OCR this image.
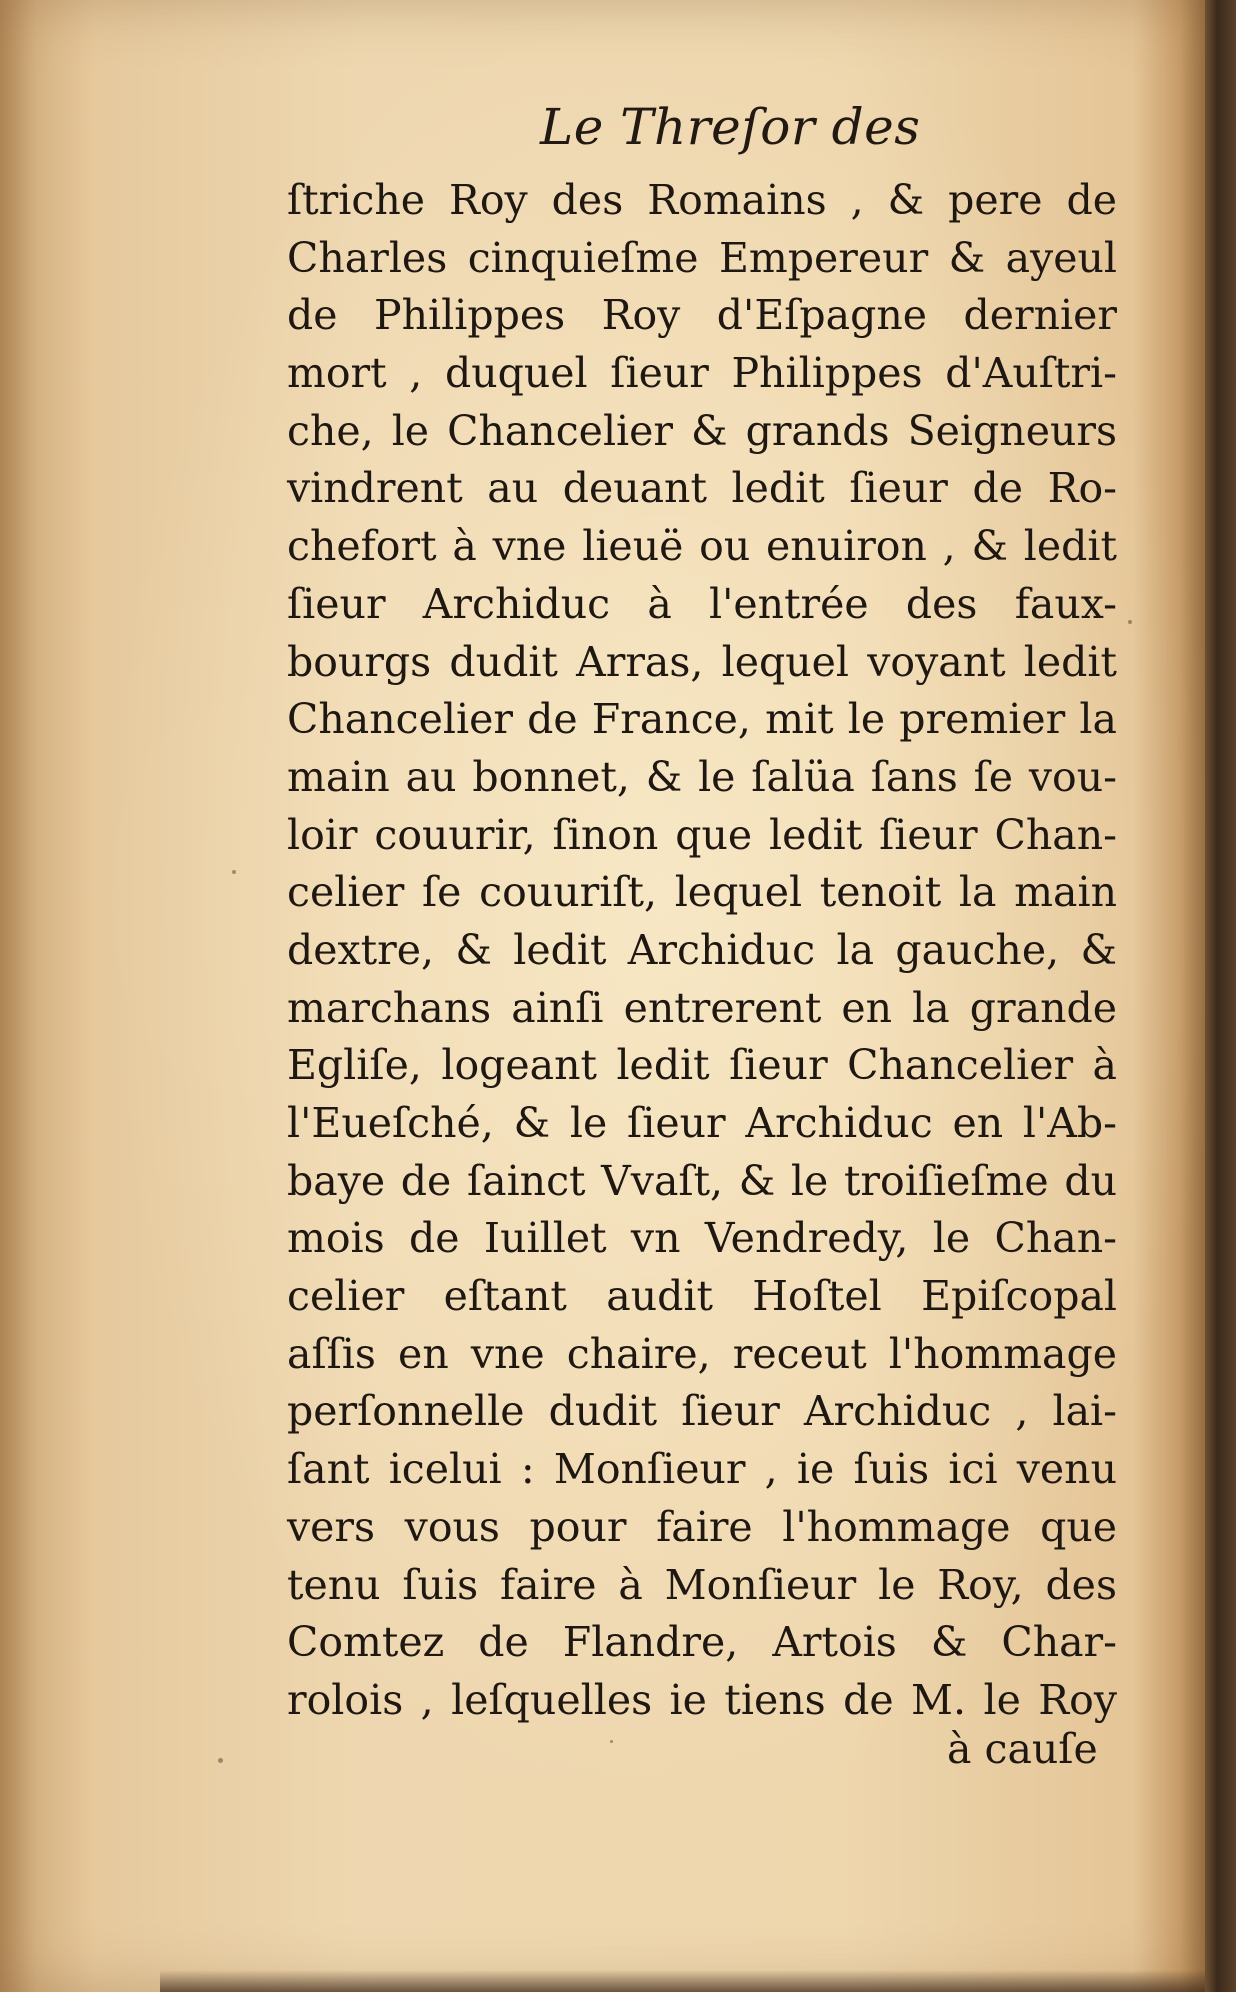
Le Threſor des
ſtriche Roy des Romains , & pere de
Charles cinquieſme Empereur & ayeul
de Philippes Roy d'Eſpagne dernier
mort , duquel ſieur Philippes d'Auſtri-
che, le Chancelier & grands Seigneurs
vindrent au deuant ledit ſieur de Ro-
chefort à vne lieuë ou enuiron , & ledit
ſieur Archiduc à l'entrée des faux-
bourgs dudit Arras, lequel voyant ledit
Chancelier de France, mit le premier la
main au bonnet, & le ſalüa ſans ſe vou-
loir couurir, ſinon que ledit ſieur Chan-
celier ſe couuriſt, lequel tenoit la main
dextre, & ledit Archiduc la gauche, &
marchans ainſi entrerent en la grande
Egliſe, logeant ledit ſieur Chancelier à
l'Eueſché, & le ſieur Archiduc en l'Ab-
baye de ſainct Vvaſt, & le troiſieſme du
mois de Iuillet vn Vendredy, le Chan-
celier eſtant audit Hoſtel Epiſcopal
aſſis en vne chaire, receut l'hommage
perſonnelle dudit ſieur Archiduc , lai-
ſant icelui : Monſieur , ie ſuis ici venu
vers vous pour faire l'hommage que
tenu ſuis faire à Monſieur le Roy, des
Comtez de Flandre, Artois & Char-
rolois , leſquelles ie tiens de M. le Roy
à cauſe
